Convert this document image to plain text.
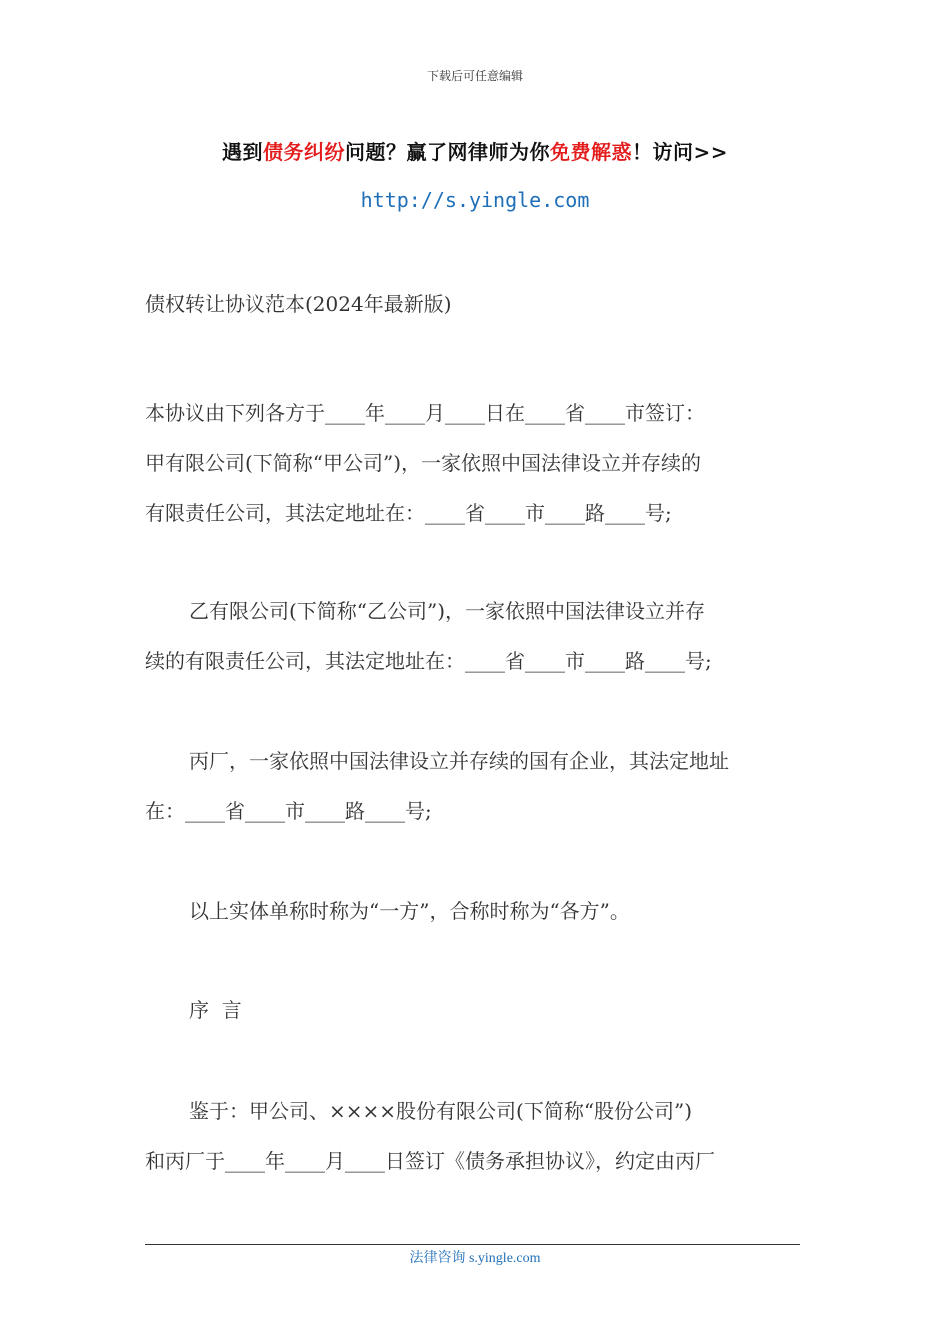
下载后可任意编辑
遇到债务纠纷问题？赢了网律师为你免费解惑！访问>>
http://s.yingle.com
债权转让协议范本(2024年最新版)
本协议由下列各方于____年____月____日在____省____市签订：
甲有限公司(下简称“甲公司”)，一家依照中国法律设立并存续的
有限责任公司，其法定地址在：____省____市____路____号;
乙有限公司(下简称“乙公司”)，一家依照中国法律设立并存
续的有限责任公司，其法定地址在：____省____市____路____号;
丙厂，一家依照中国法律设立并存续的国有企业，其法定地址
在：____省____市____路____号;
以上实体单称时称为“一方”，合称时称为“各方”。
序  言
鉴于：甲公司、××××股份有限公司(下简称“股份公司”)
和丙厂于____年____月____日签订《债务承担协议》，约定由丙厂
法律咨询 s.yingle.com
